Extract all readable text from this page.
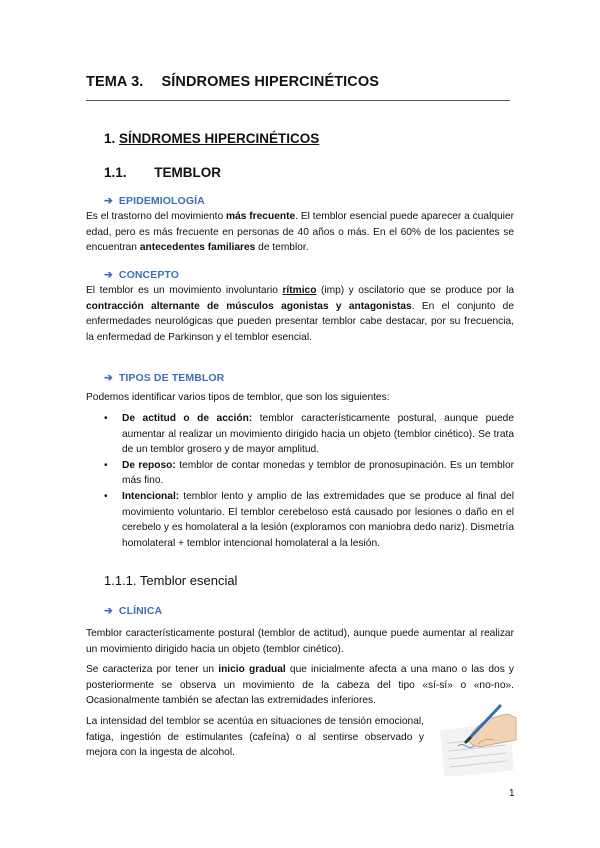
TEMA 3. SÍNDROMES HIPERCINÉTICOS
1. SÍNDROMES HIPERCINÉTICOS
1.1. TEMBLOR
➔ EPIDEMIOLOGÍA
Es el trastorno del movimiento más frecuente. El temblor esencial puede aparecer a cualquier edad, pero es más frecuente en personas de 40 años o más. En el 60% de los pacientes se encuentran antecedentes familiares de temblor.
➔ CONCEPTO
El temblor es un movimiento involuntario rítmico (imp) y oscilatorio que se produce por la contracción alternante de músculos agonistas y antagonistas. En el conjunto de enfermedades neurológicas que pueden presentar temblor cabe destacar, por su frecuencia, la enfermedad de Parkinson y el temblor esencial.
➔ TIPOS DE TEMBLOR
Podemos identificar varios tipos de temblor, que son los siguientes:
• De actitud o de acción: temblor característicamente postural, aunque puede aumentar al realizar un movimiento dirigido hacia un objeto (temblor cinético). Se trata de un temblor grosero y de mayor amplitud.
• De reposo: temblor de contar monedas y temblor de pronosupinación. Es un temblor más fino.
• Intencional: temblor lento y amplio de las extremidades que se produce al final del movimiento voluntario. El temblor cerebeloso está causado por lesiones o daño en el cerebelo y es homolateral a la lesión (exploramos con maniobra dedo nariz). Dismetría homolateral + temblor intencional homolateral a la lesión.
1.1.1. Temblor esencial
➔ CLÍNICA
Temblor característicamente postural (temblor de actitud), aunque puede aumentar al realizar un movimiento dirigido hacia un objeto (temblor cinético).
Se caracteriza por tener un inicio gradual que inicialmente afecta a una mano o las dos y posteriormente se observa un movimiento de la cabeza del tipo «sí-sí» o «no-no». Ocasionalmente también se afectan las extremidades inferiores.
La intensidad del temblor se acentúa en situaciones de tensión emocional, fatiga, ingestión de estimulantes (cafeína) o al sentirse observado y mejora con la ingesta de alcohol.
1
